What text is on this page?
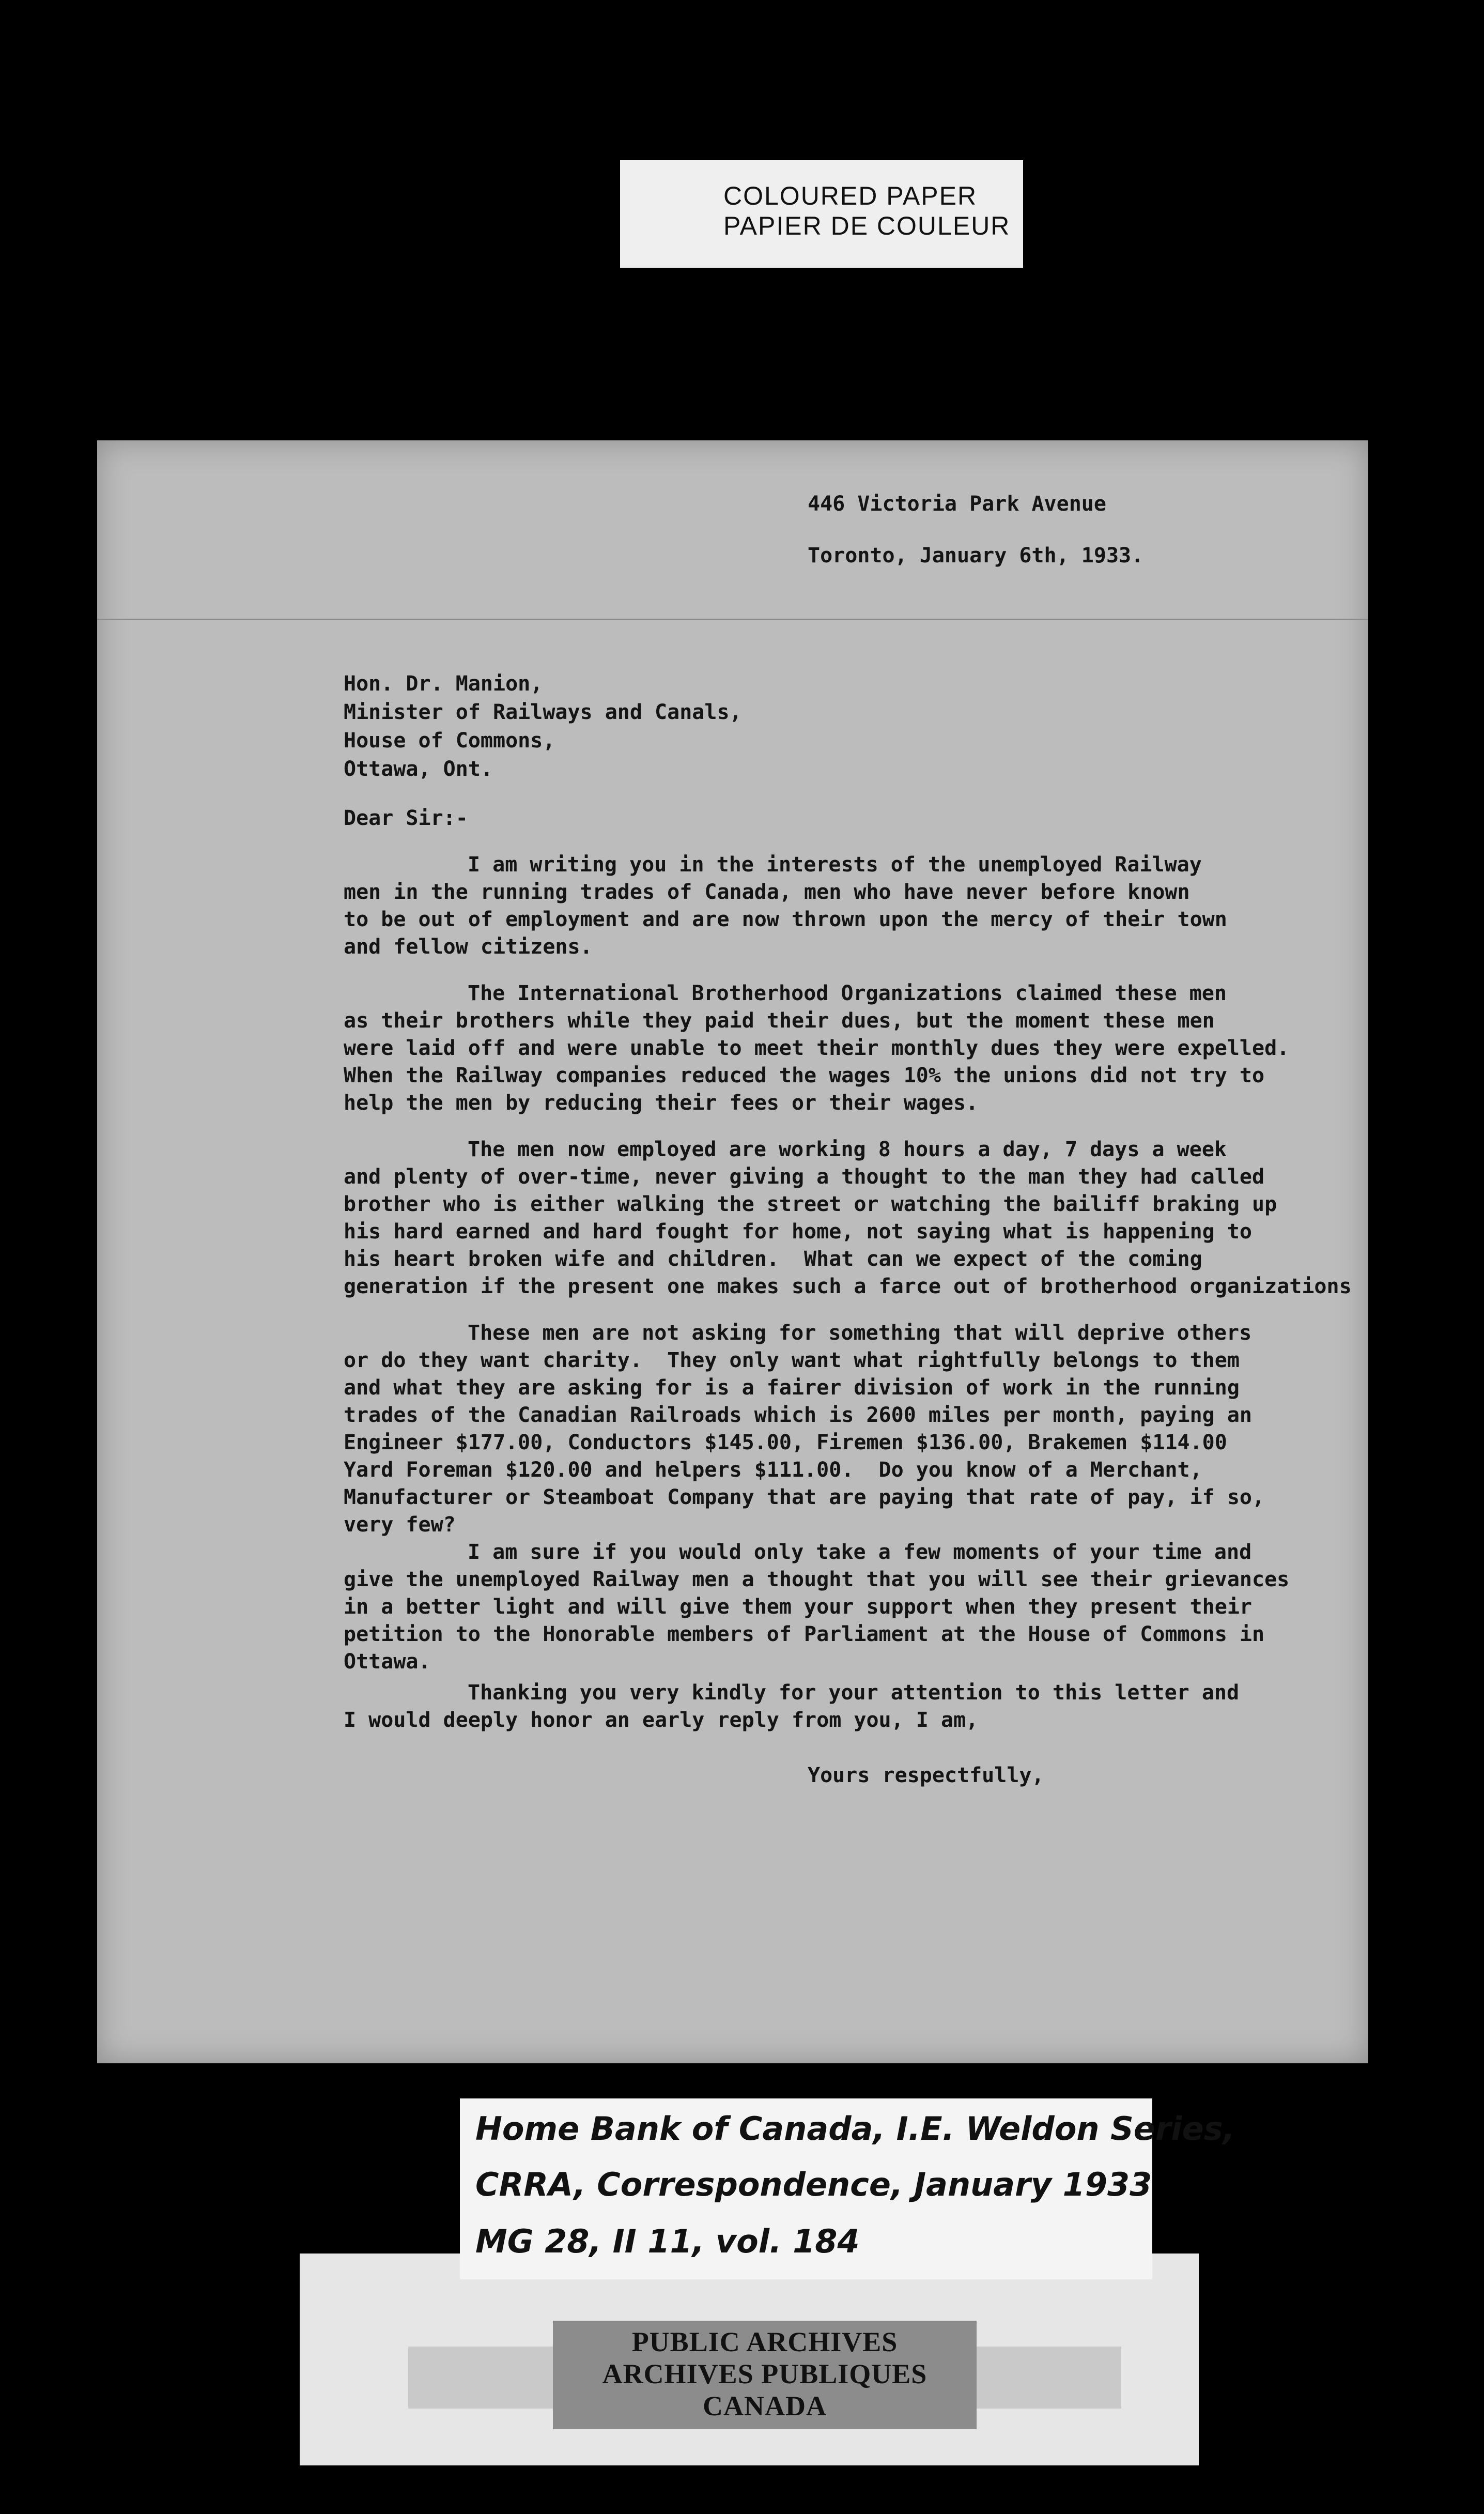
COLOURED PAPER
PAPIER DE COULEUR
446 Victoria Park Avenue
Toronto, January 6th, 1933.
Hon. Dr. Manion,
Minister of Railways and Canals,
House of Commons,
Ottawa, Ont.
Dear Sir:-
I am writing you in the interests of the unemployed Railway
men in the running trades of Canada, men who have never before known
to be out of employment and are now thrown upon the mercy of their town
and fellow citizens.
The International Brotherhood Organizations claimed these men
as their brothers while they paid their dues, but the moment these men
were laid off and were unable to meet their monthly dues they were expelled.
When the Railway companies reduced the wages 10% the unions did not try to
help the men by reducing their fees or their wages.
The men now employed are working 8 hours a day, 7 days a week
and plenty of over-time, never giving a thought to the man they had called
brother who is either walking the street or watching the bailiff braking up
his hard earned and hard fought for home, not saying what is happening to
his heart broken wife and children.  What can we expect of the coming
generation if the present one makes such a farce out of brotherhood organizations
These men are not asking for something that will deprive others
or do they want charity.  They only want what rightfully belongs to them
and what they are asking for is a fairer division of work in the running
trades of the Canadian Railroads which is 2600 miles per month, paying an
Engineer $177.00, Conductors $145.00, Firemen $136.00, Brakemen $114.00
Yard Foreman $120.00 and helpers $111.00.  Do you know of a Merchant,
Manufacturer or Steamboat Company that are paying that rate of pay, if so,
very few?
I am sure if you would only take a few moments of your time and
give the unemployed Railway men a thought that you will see their grievances
in a better light and will give them your support when they present their
petition to the Honorable members of Parliament at the House of Commons in
Ottawa.
Thanking you very kindly for your attention to this letter and
I would deeply honor an early reply from you, I am,
Yours respectfully,
Home Bank of Canada, I.E. Weldon Series,
CRRA, Correspondence, January 1933
MG 28, II 11, vol. 184
PUBLIC ARCHIVES
ARCHIVES PUBLIQUES
CANADA
